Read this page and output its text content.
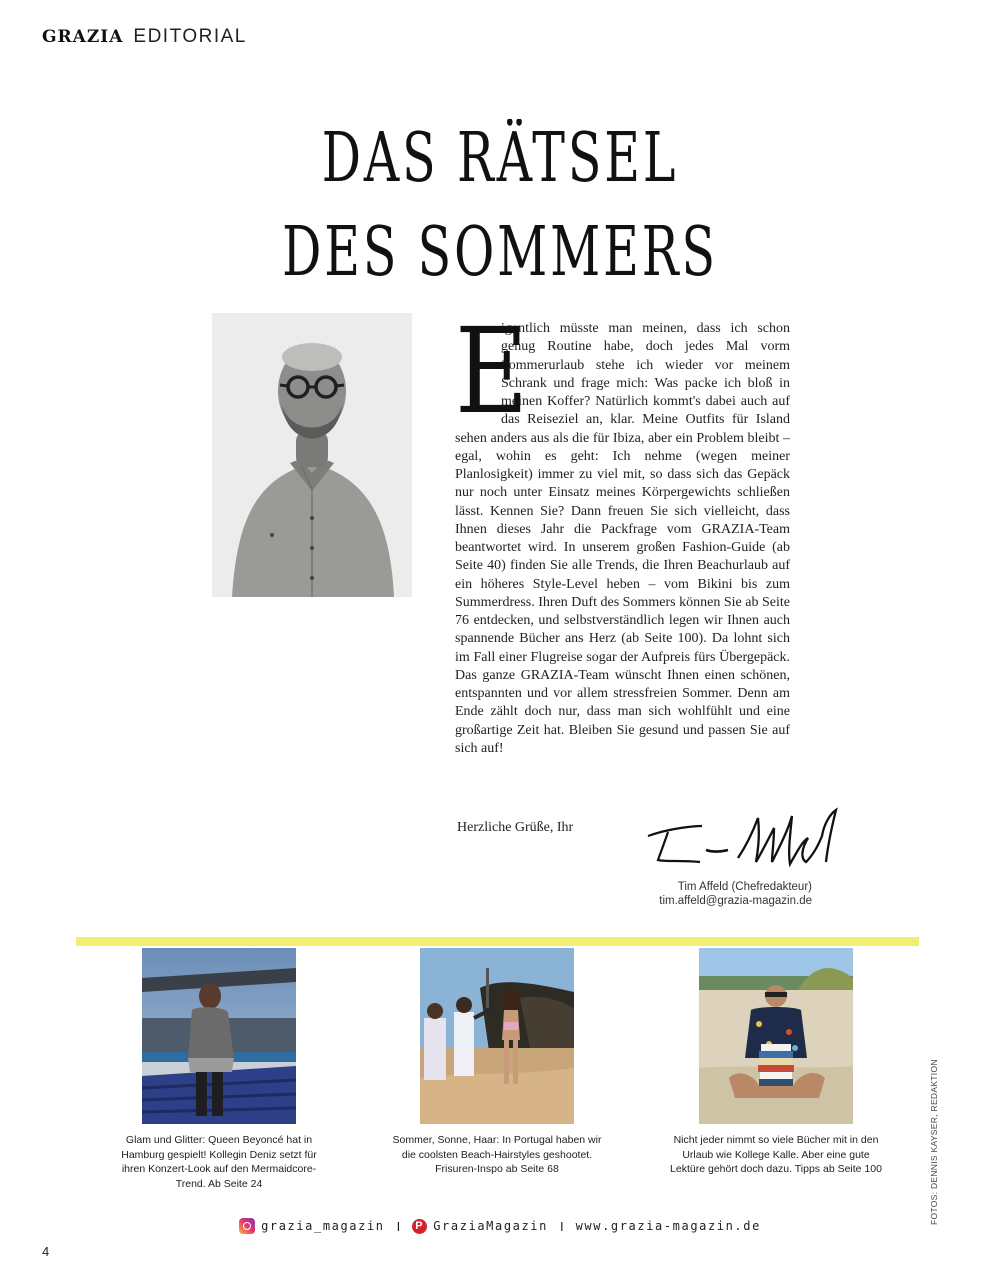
GRAZIA EDITORIAL
DAS RÄTSEL
DES SOMMERS
E
igentlich müsste man meinen, dass ich schon genug Routine habe, doch jedes Mal vorm Sommerurlaub stehe ich wieder vor meinem Schrank und frage mich: Was packe ich bloß in meinen Koffer? Natürlich kommt's dabei auch auf das Reiseziel an, klar. Meine Outfits für Island sehen anders aus als die für Ibiza, aber ein Problem bleibt – egal, wohin es geht: Ich nehme (wegen meiner Planlosigkeit) immer zu viel mit, so dass sich das Gepäck nur noch unter Einsatz meines Körpergewichts schließen lässt. Kennen Sie? Dann freuen Sie sich vielleicht, dass Ihnen dieses Jahr die Packfrage vom GRAZIA-Team beantwortet wird. In unserem großen Fashion-Guide (ab Seite 40) finden Sie alle Trends, die Ihren Beachurlaub auf ein höheres Style-Level heben – vom Bikini bis zum Summerdress. Ihren Duft des Sommers können Sie ab Seite 76 entdecken, und selbstverständlich legen wir Ihnen auch spannende Bücher ans Herz (ab Seite 100). Da lohnt sich im Fall einer Flugreise sogar der Aufpreis fürs Übergepäck. Das ganze GRAZIA-Team wünscht Ihnen einen schönen, entspannten und vor allem stressfreien Sommer. Denn am Ende zählt doch nur, dass man sich wohlfühlt und eine großartige Zeit hat. Bleiben Sie gesund und passen Sie auf sich auf!
Herzliche Grüße, Ihr
Tim Affeld (Chefredakteur)
tim.affeld@grazia-magazin.de
Glam und Glitter: Queen Beyoncé hat in Hamburg gespielt! Kollegin Deniz setzt für ihren Konzert-Look auf den Mermaidcore-Trend. Ab Seite 24
Sommer, Sonne, Haar: In Portugal haben wir die coolsten Beach-Hairstyles geshootet. Frisuren-Inspo ab Seite 68
Nicht jeder nimmt so viele Bücher mit in den Urlaub wie Kollege Kalle. Aber eine gute Lektüre gehört doch dazu. Tipps ab Seite 100	FOTOS: DENNIS KAYSER, REDAKTION
grazia_magazin I P GraziaMagazin I www.grazia-magazin.de
4
